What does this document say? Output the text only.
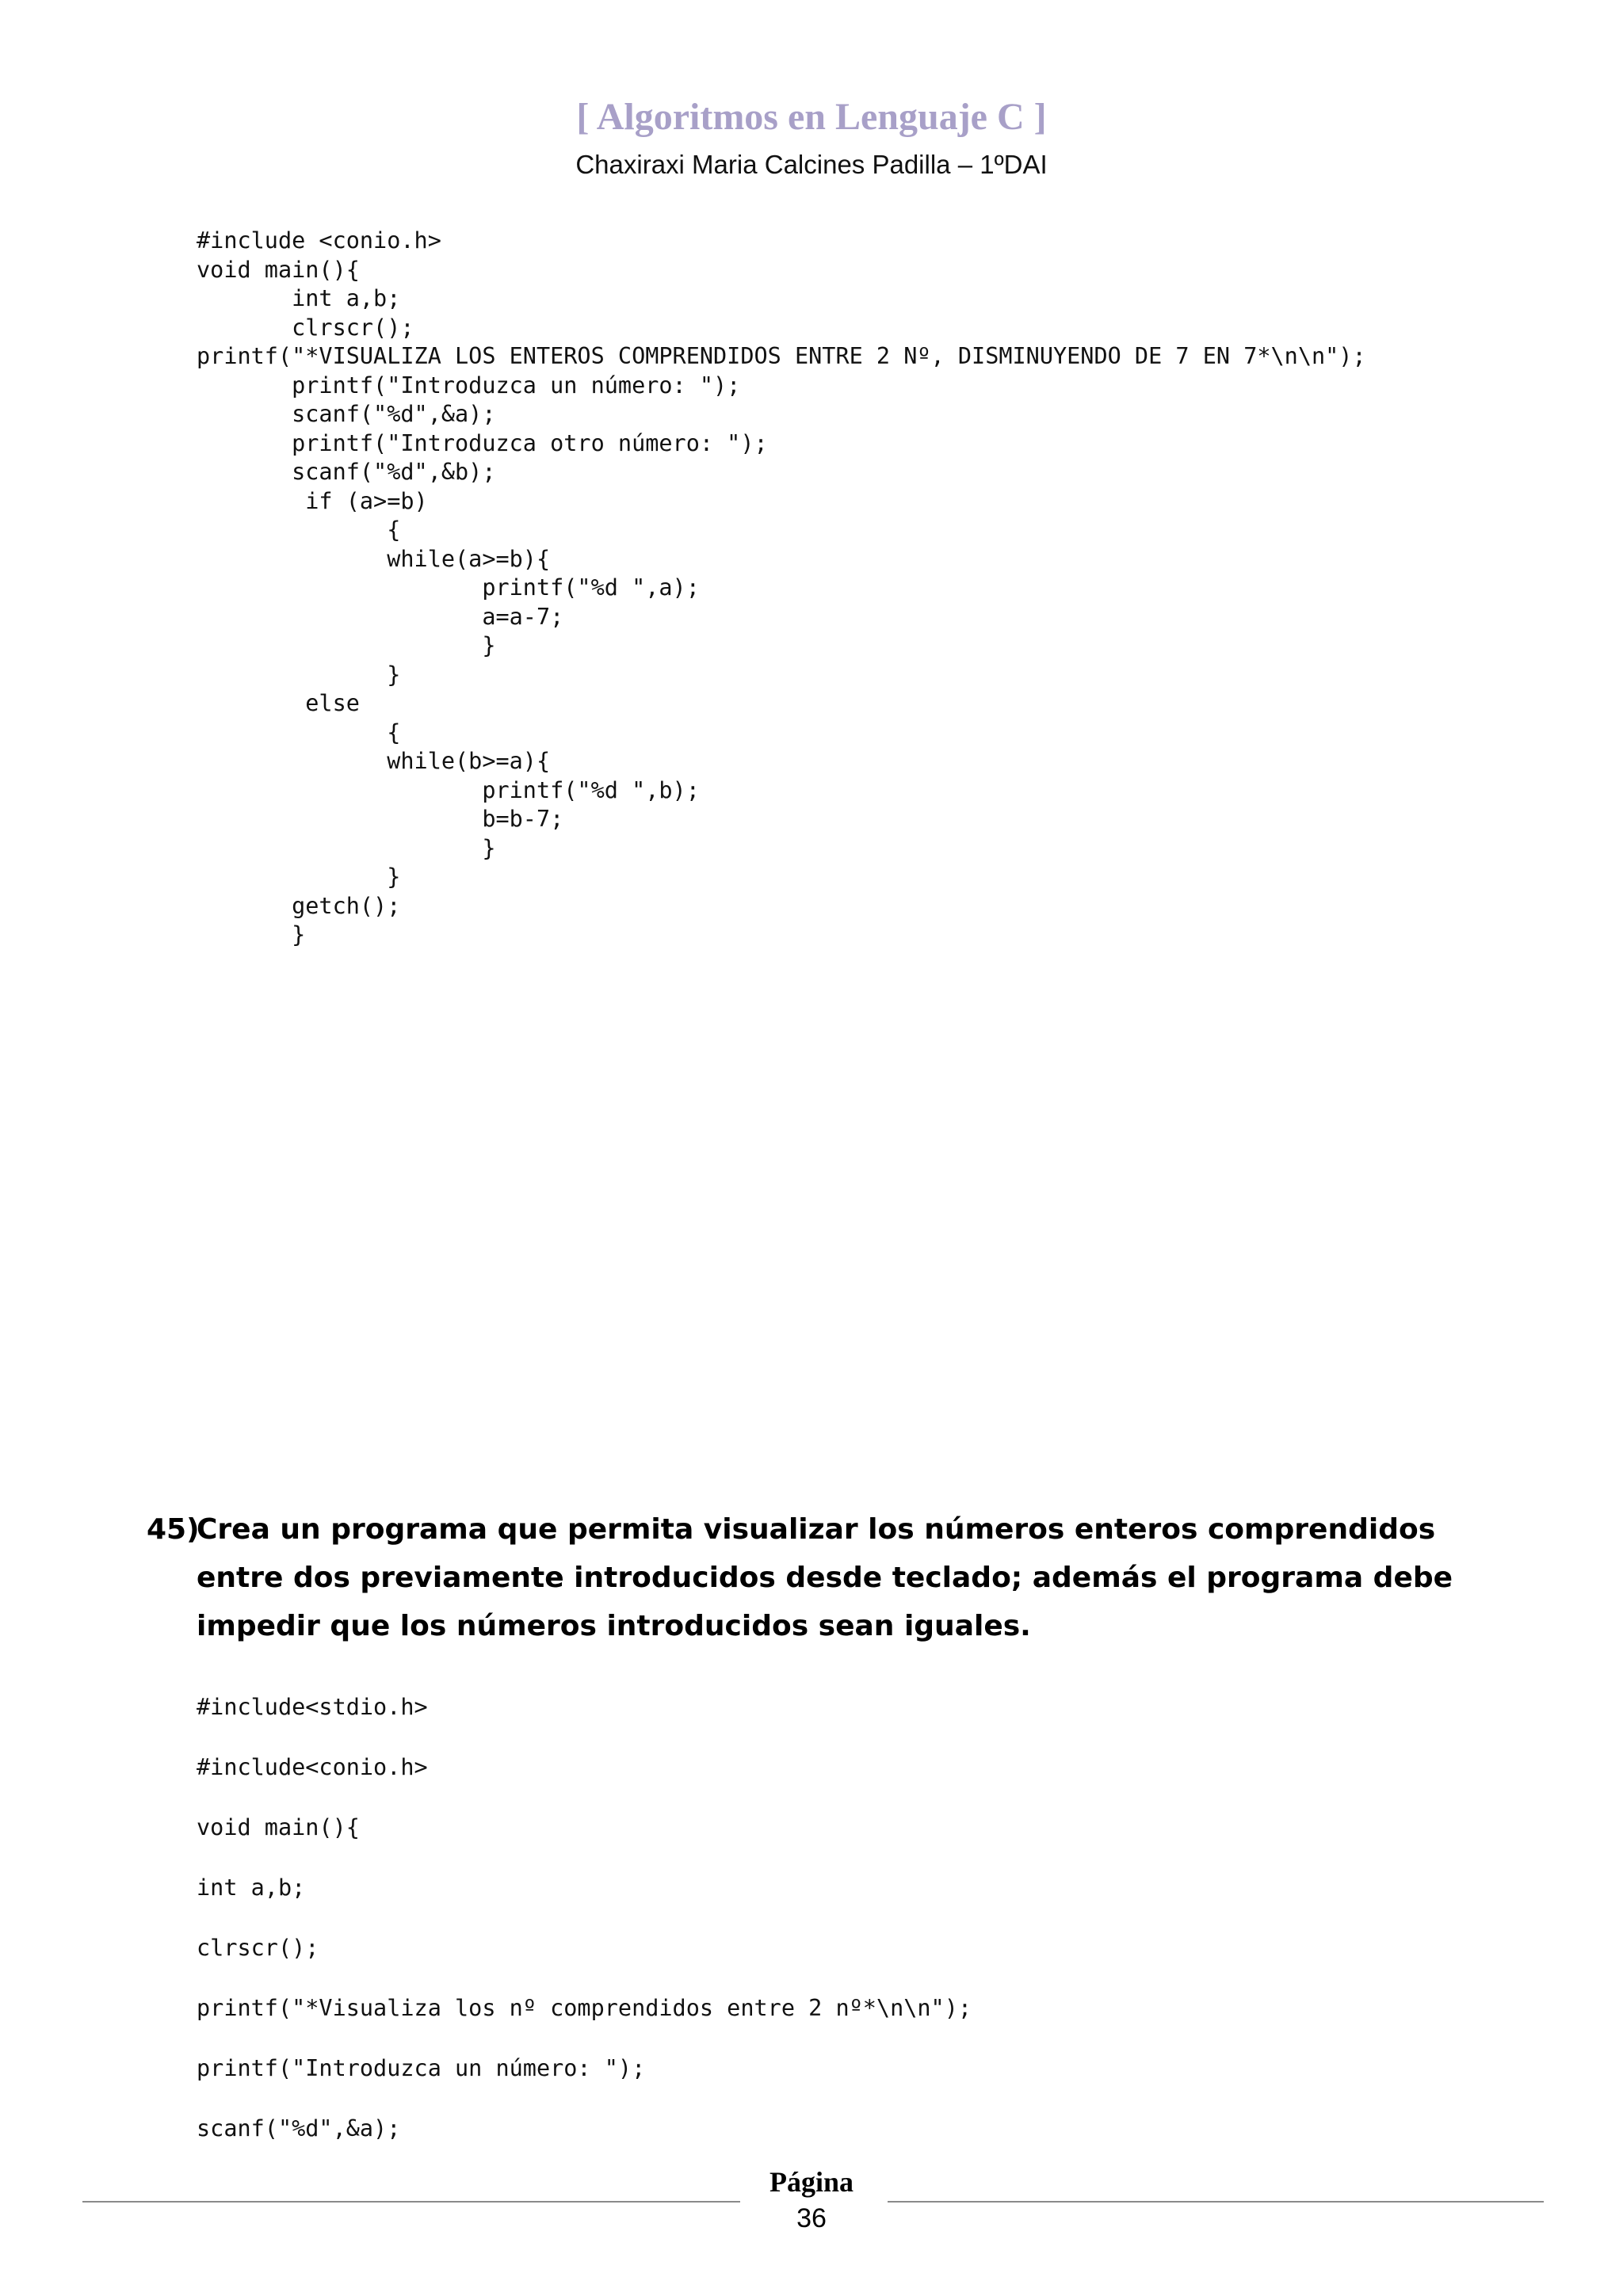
[ Algoritmos en Lenguaje C ]
Chaxiraxi Maria Calcines Padilla – 1ºDAI
#include <conio.h>
void main(){
int a,b;
clrscr();
printf("*VISUALIZA LOS ENTEROS COMPRENDIDOS ENTRE 2 Nº, DISMINUYENDO DE 7 EN 7*\n\n");
printf("Introduzca un número: ");
scanf("%d",&a);
printf("Introduzca otro número: ");
scanf("%d",&b);
if (a>=b)
{
while(a>=b){
printf("%d ",a);
a=a-7;
}
}
else
{
while(b>=a){
printf("%d ",b);
b=b-7;
}
}
getch();
}
45)
Crea un programa que permita visualizar los números enteros comprendidos entre dos previamente introducidos desde teclado; además el programa debe impedir que los números introducidos sean iguales.
#include<stdio.h>
#include<conio.h>
void main(){
int a,b;
clrscr();
printf("*Visualiza los nº comprendidos entre 2 nº*\n\n");
printf("Introduzca un número: ");
scanf("%d",&a);
Página
36
